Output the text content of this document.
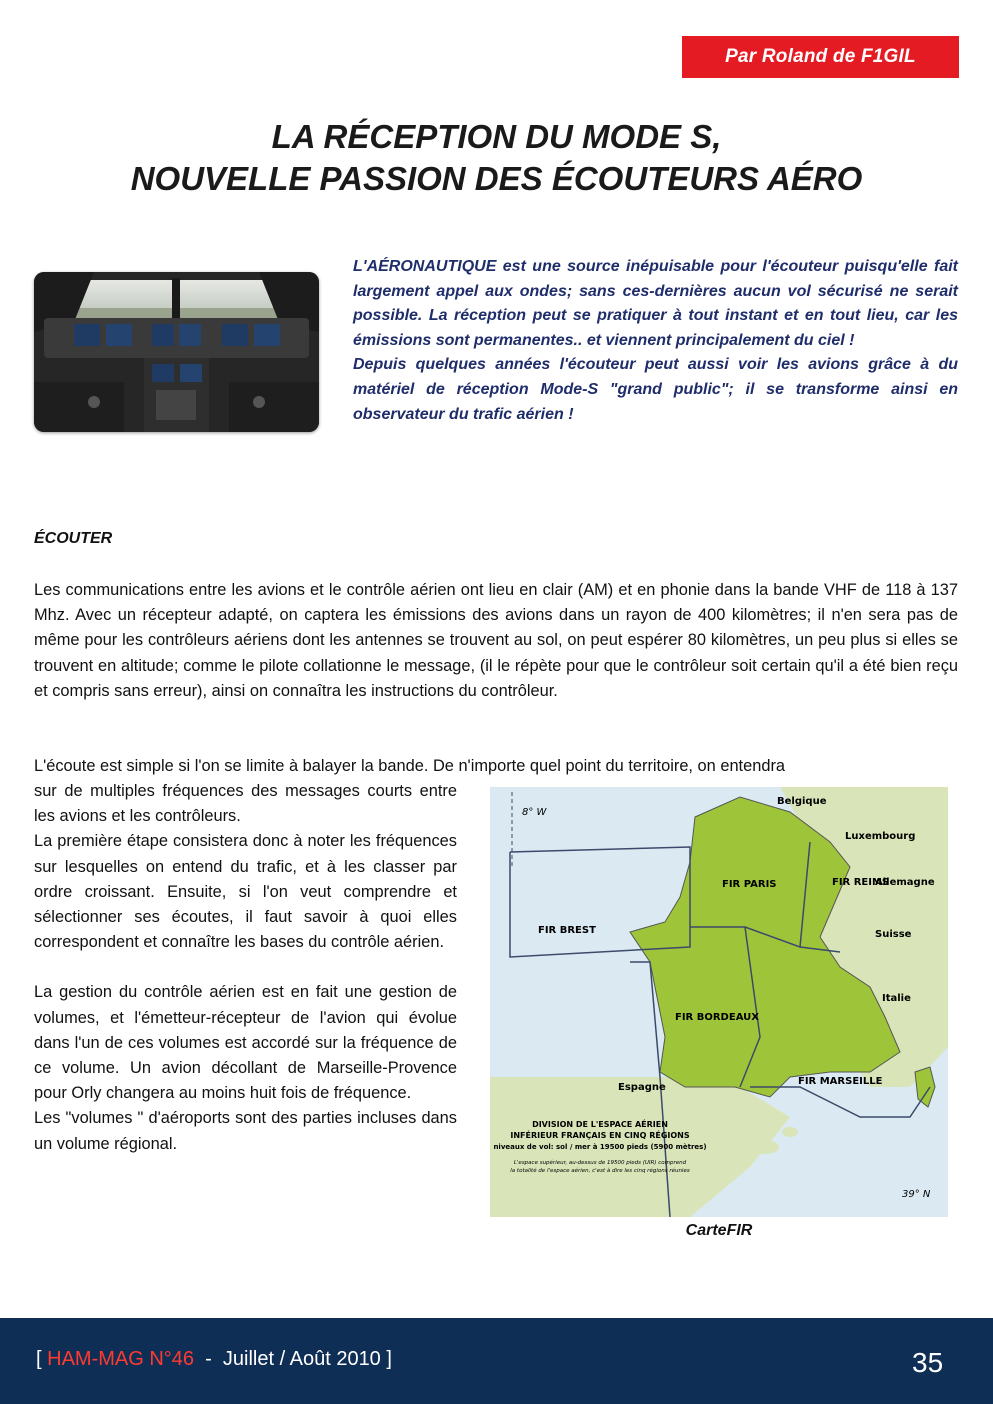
Par Roland de F1GIL
LA RÉCEPTION DU MODE S,
NOUVELLE PASSION DES ÉCOUTEURS AÉRO

L'AÉRONAUTIQUE est une source inépuisable pour l'écouteur puisqu'elle fait largement appel aux ondes; sans ces-dernières aucun vol sécurisé ne serait possible. La réception peut se pratiquer à tout instant et en tout lieu, car les émissions sont permanentes.. et viennent principalement du ciel !

Depuis quelques années l'écouteur peut aussi voir les avions grâce à du matériel de réception Mode-S "grand public"; il se transforme ainsi en observateur du trafic aérien !

ÉCOUTER

Les communications entre les avions et le contrôle aérien ont lieu en clair (AM) et en phonie dans la bande VHF de 118 à 137 Mhz. Avec un récepteur adapté, on captera les émissions des avions dans un rayon de 400 kilomètres; il n'en sera pas de même pour les contrôleurs aériens dont les antennes se trouvent au sol, on peut espérer 80 kilomètres, un peu plus si elles se trouvent en altitude; comme le pilote collationne le message, (il le répète pour que le contrôleur soit certain qu'il a été bien reçu et compris sans erreur), ainsi on connaîtra les instructions du contrôleur.

L'écoute est simple si l'on se limite à balayer la bande. De n'importe quel point du territoire, on entendra

sur de multiples fréquences des messages courts entre les avions et les contrôleurs.

La première étape consistera donc à noter les fréquences sur lesquelles on entend du trafic, et à les classer par ordre croissant. Ensuite, si l'on veut comprendre et sélectionner ses écoutes, il faut savoir à quoi elles correspondent et connaître les bases du contrôle aérien.

La gestion du contrôle aérien est en fait une gestion de volumes, et l'émetteur-récepteur de l'avion qui évolue dans l'un de ces volumes est accordé sur la fréquence de ce volume. Un avion décollant de Marseille-Provence pour Orly changera au moins huit fois de fréquence.

Les "volumes " d'aéroports sont des parties incluses dans un volume régional.

8° W
Belgique
Luxembourg
Allemagne
Suisse
Italie
Espagne
FIR PARIS	FIR REIMS
FIR BREST
FIR BORDEAUX
FIR MARSEILLE
DIVISION DE L'ESPACE AÉRIEN
INFÉRIEUR FRANÇAIS EN CINQ RÉGIONS
niveaux de vol: sol / mer à 19500 pieds (5900 mètres)
L'espace supérieur, au-dessus de 19500 pieds (UIR) comprend
la totalité de l'espace aérien, c'est à dire les cinq régions réunies
39° N
CarteFIR
[ HAM-MAG N°46  -  Juillet / Août 2010 ]	35
